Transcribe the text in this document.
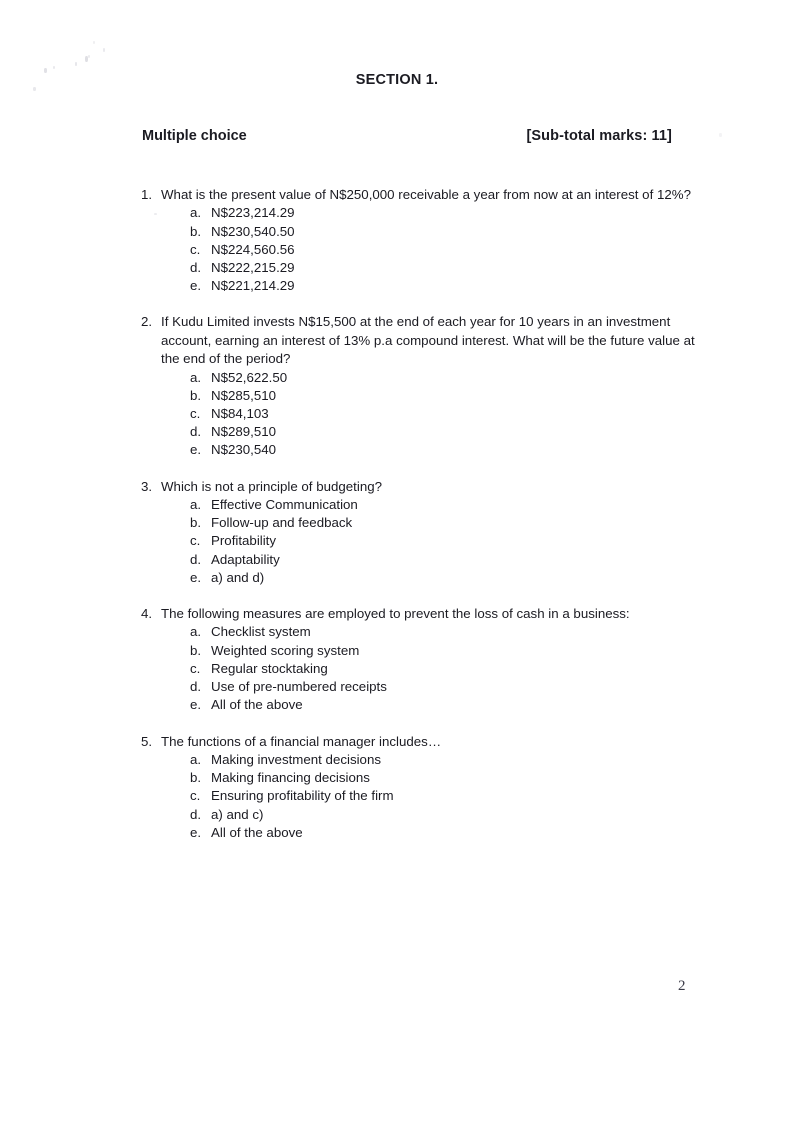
SECTION 1.
Multiple choice	[Sub-total marks: 11]
1. What is the present value of N$250,000 receivable a year from now at an interest of 12%?
a. N$223,214.29
b. N$230,540.50
c. N$224,560.56
d. N$222,215.29
e. N$221,214.29
2. If Kudu Limited invests N$15,500 at the end of each year for 10 years in an investment account, earning an interest of 13% p.a compound interest. What will be the future value at the end of the period?
a. N$52,622.50
b. N$285,510
c. N$84,103
d. N$289,510
e. N$230,540
3. Which is not a principle of budgeting?
a. Effective Communication
b. Follow-up and feedback
c. Profitability
d. Adaptability
e. a) and d)
4. The following measures are employed to prevent the loss of cash in a business:
a. Checklist system
b. Weighted scoring system
c. Regular stocktaking
d. Use of pre-numbered receipts
e. All of the above
5. The functions of a financial manager includes…
a. Making investment decisions
b. Making financing decisions
c. Ensuring profitability of the firm
d. a) and c)
e. All of the above
2
